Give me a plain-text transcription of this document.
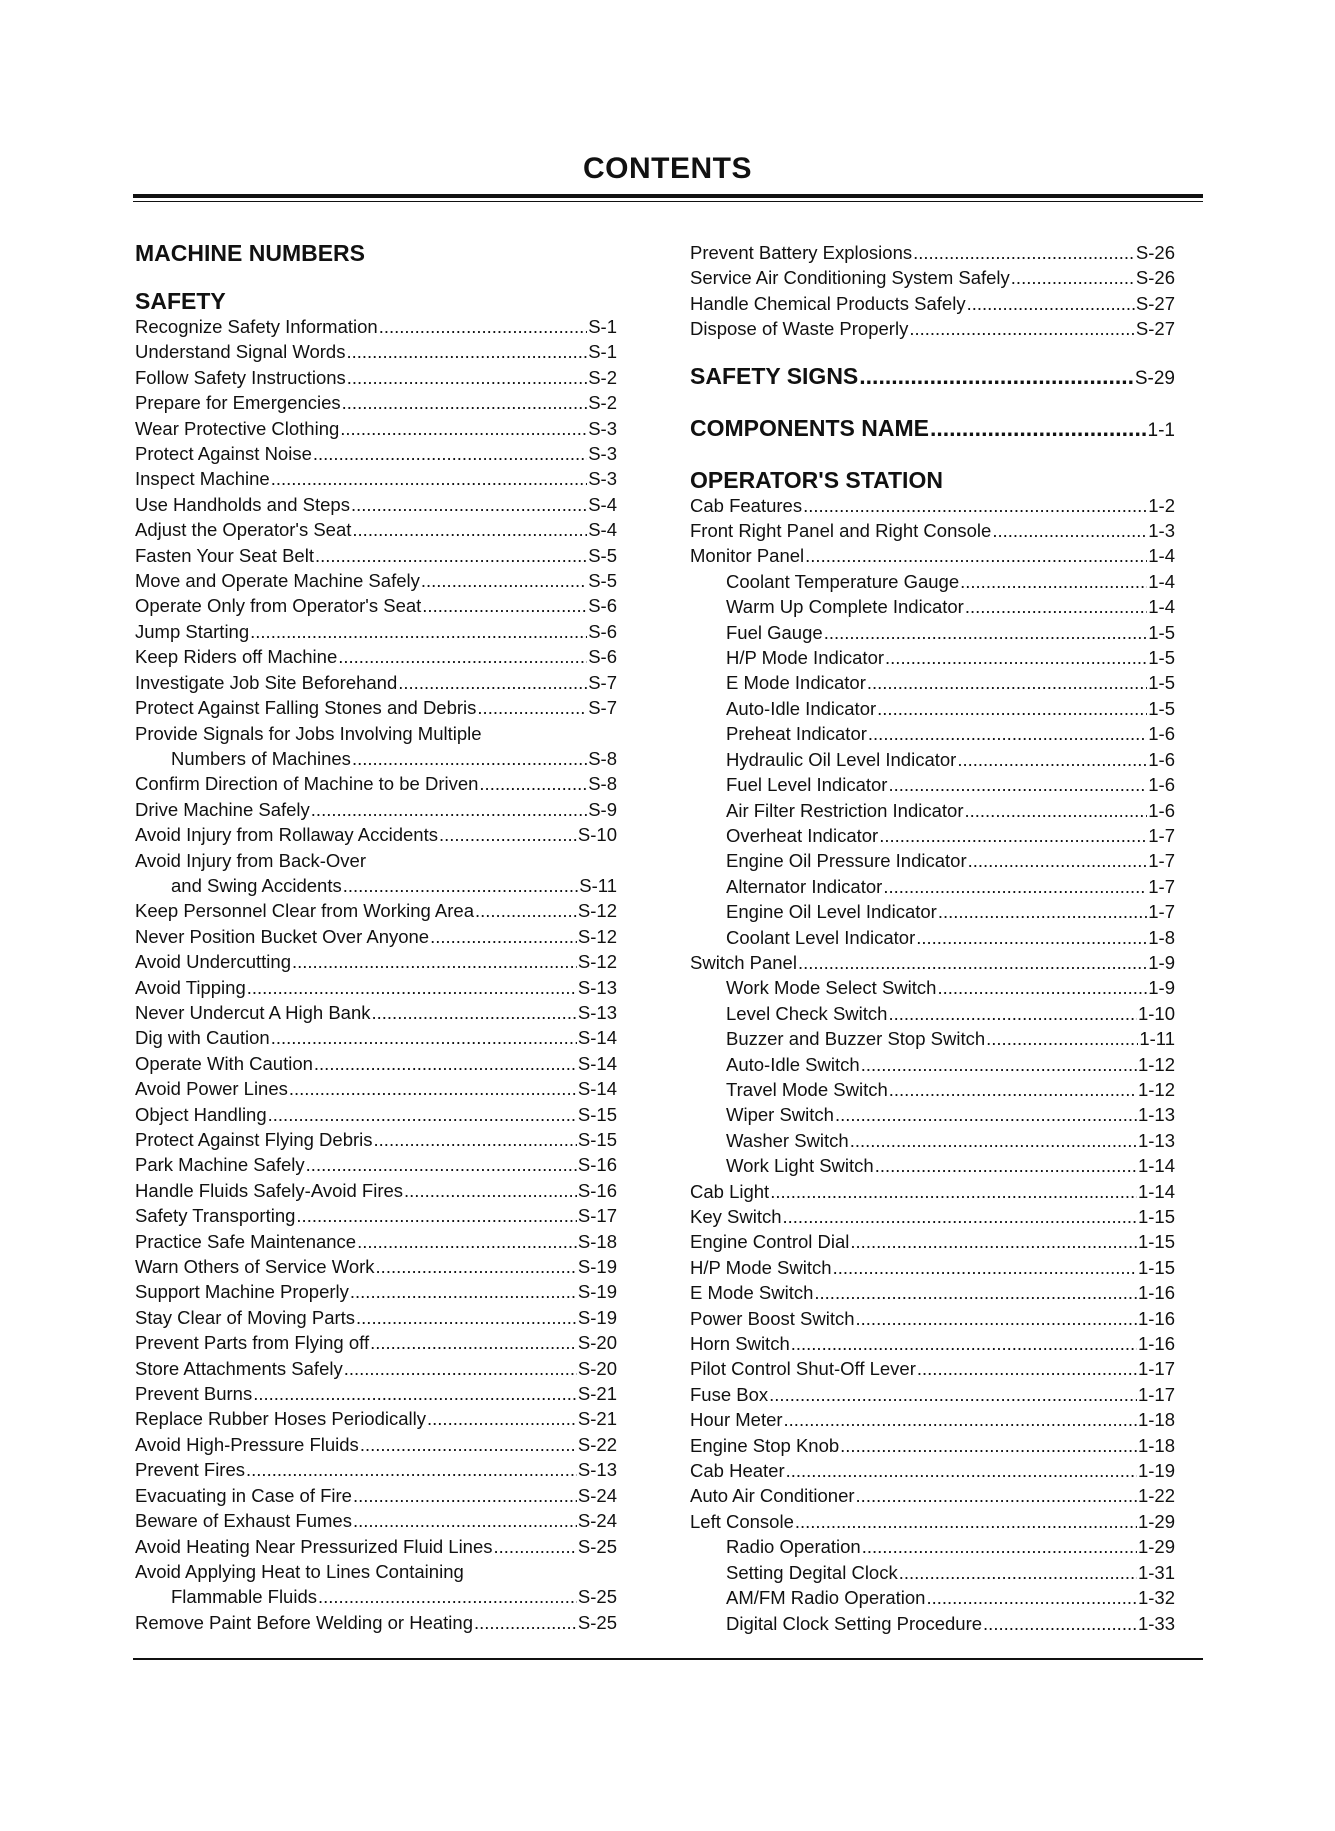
CONTENTS
MACHINE NUMBERS
SAFETY
Recognize Safety Information .....	S-1
Understand Signal Words .....	S-1
Follow Safety Instructions .....	S-2
Prepare for Emergencies .....	S-2
Wear Protective Clothing .....	S-3
Protect Against Noise .....	S-3
Inspect Machine .....	S-3
Use Handholds and Steps .....	S-4
Adjust the Operator's Seat .....	S-4
Fasten Your Seat Belt .....	S-5
Move and Operate Machine Safely .....	S-5
Operate Only from Operator's Seat .....	S-6
Jump Starting .....	S-6
Keep Riders off Machine .....	S-6
Investigate Job Site Beforehand .....	S-7
Protect Against Falling Stones and Debris .....	S-7
Provide Signals for Jobs Involving Multiple
Numbers of Machines .....	S-8
Confirm Direction of Machine to be Driven .....	S-8
Drive Machine Safely .....	S-9
Avoid Injury from Rollaway Accidents .....	S-10
Avoid Injury from Back-Over
and Swing Accidents .....	S-11
Keep Personnel Clear from Working Area .....	S-12
Never Position Bucket Over Anyone .....	S-12
Avoid Undercutting .....	S-12
Avoid Tipping .....	S-13
Never Undercut A High Bank .....	S-13
Dig with Caution .....	S-14
Operate With Caution .....	S-14
Avoid Power Lines .....	S-14
Object Handling .....	S-15
Protect Against Flying Debris .....	S-15
Park Machine Safely .....	S-16
Handle Fluids Safely-Avoid Fires .....	S-16
Safety Transporting .....	S-17
Practice Safe Maintenance .....	S-18
Warn Others of Service Work .....	S-19
Support Machine Properly .....	S-19
Stay Clear of Moving Parts .....	S-19
Prevent Parts from Flying off .....	S-20
Store Attachments Safely .....	S-20
Prevent Burns .....	S-21
Replace Rubber Hoses Periodically .....	S-21
Avoid High-Pressure Fluids .....	S-22
Prevent Fires .....	S-13
Evacuating in Case of Fire .....	S-24
Beware of Exhaust Fumes .....	S-24
Avoid Heating Near Pressurized Fluid Lines .....	S-25
Avoid Applying Heat to Lines Containing
Flammable Fluids .....	S-25
Remove Paint Before Welding or Heating .....	S-25
Prevent Battery Explosions .....	S-26
Service Air Conditioning System Safely .....	S-26
Handle Chemical Products Safely .....	S-27
Dispose of Waste Properly .....	S-27
SAFETY SIGNS .....	S-29
COMPONENTS NAME .....	1-1
OPERATOR'S STATION
Cab Features .....	1-2
Front Right Panel and Right Console .....	1-3
Monitor Panel .....	1-4
Coolant Temperature Gauge .....	1-4
Warm Up Complete Indicator .....	1-4
Fuel Gauge .....	1-5
H/P Mode Indicator .....	1-5
E Mode Indicator .....	1-5
Auto-Idle Indicator .....	1-5
Preheat Indicator .....	1-6
Hydraulic Oil Level Indicator .....	1-6
Fuel Level Indicator .....	1-6
Air Filter Restriction Indicator .....	1-6
Overheat Indicator .....	1-7
Engine Oil Pressure Indicator .....	1-7
Alternator Indicator .....	1-7
Engine Oil Level Indicator .....	1-7
Coolant Level Indicator .....	1-8
Switch Panel .....	1-9
Work Mode Select Switch .....	1-9
Level Check Switch .....	1-10
Buzzer and Buzzer Stop Switch .....	1-11
Auto-Idle Switch .....	1-12
Travel Mode Switch .....	1-12
Wiper Switch .....	1-13
Washer Switch .....	1-13
Work Light Switch .....	1-14
Cab Light .....	1-14
Key Switch .....	1-15
Engine Control Dial .....	1-15
H/P Mode Switch .....	1-15
E Mode Switch .....	1-16
Power Boost Switch .....	1-16
Horn Switch .....	1-16
Pilot Control Shut-Off Lever .....	1-17
Fuse Box .....	1-17
Hour Meter .....	1-18
Engine Stop Knob .....	1-18
Cab Heater .....	1-19
Auto Air Conditioner .....	1-22
Left Console .....	1-29
Radio Operation .....	1-29
Setting Degital Clock .....	1-31
AM/FM Radio Operation .....	1-32
Digital Clock Setting Procedure .....	1-33
